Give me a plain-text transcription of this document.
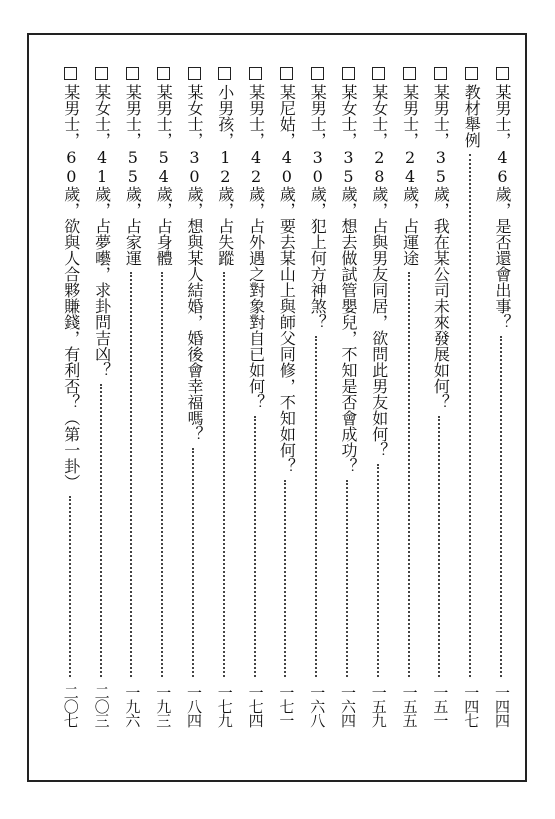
某男士，46歲，是否還會出事？
一四四
教材舉例
一四七
某男士，35歲，我在某公司未來發展如何？
一五一
某男士，24歲，占運途
一五五
某女士，28歲，占與男友同居，欲問此男友如何？
一五九
某女士，35歲，想去做試管嬰兒，不知是否會成功？
一六四
某男士，30歲，犯上何方神煞？
一六八
某尼姑，40歲，要去某山上與師父同修，不知如何？
一七一
某男士，42歲，占外遇之對象對自已如何？
一七四
小男孩，12歲，占失蹤
一七九
某女士，30歲，想與某人結婚，婚後會幸福嗎？
一八四
某男士，54歲，占身體
一九三
某男士，55歲，占家運
一九六
某女士，41歲，占夢囈，求卦問吉凶？
二〇三
某男士，60歲，欲與人合夥賺錢，有利否？（第一卦）
二〇七
